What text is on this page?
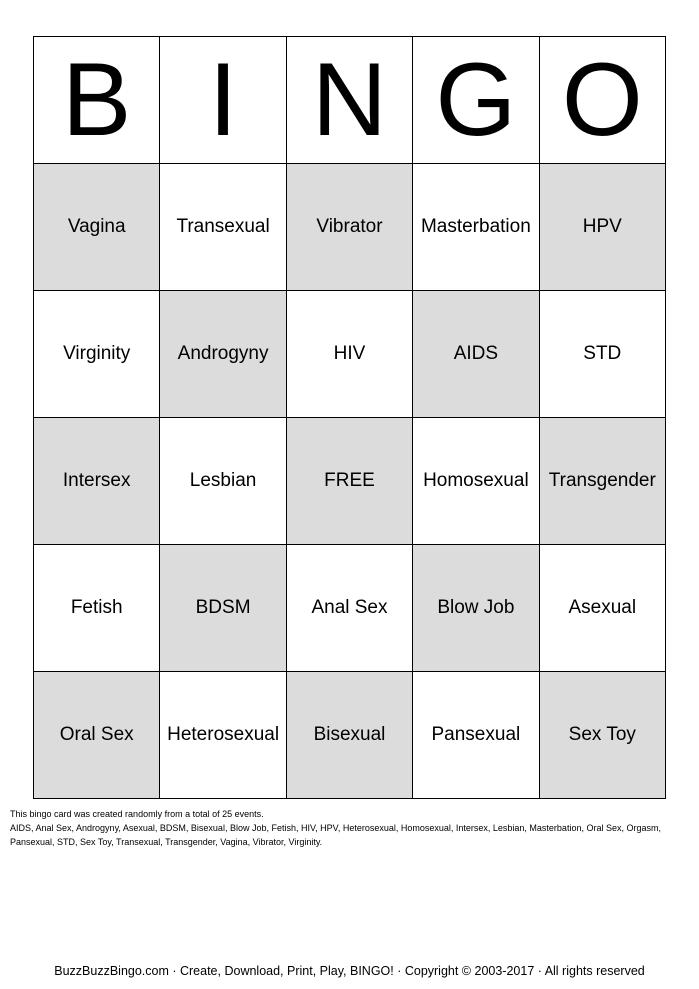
B	I	N	G	O
Vagina	Transexual	Vibrator	Masterbation	HPV
Virginity	Androgyny	HIV	AIDS	STD
Intersex	Lesbian	FREE	Homosexual	Transgender
Fetish	BDSM	Anal Sex	Blow Job	Asexual
Oral Sex	Heterosexual	Bisexual	Pansexual	Sex Toy

This bingo card was created randomly from a total of 25 events.

AIDS, Anal Sex, Androgyny, Asexual, BDSM, Bisexual, Blow Job, Fetish, HIV, HPV, Heterosexual, Homosexual, Intersex, Lesbian, Masterbation, Oral Sex, Orgasm, Pansexual, STD, Sex Toy, Transexual, Transgender, Vagina, Vibrator, Virginity.

BuzzBuzzBingo.com · Create, Download, Print, Play, BINGO! · Copyright © 2003-2017 · All rights reserved
